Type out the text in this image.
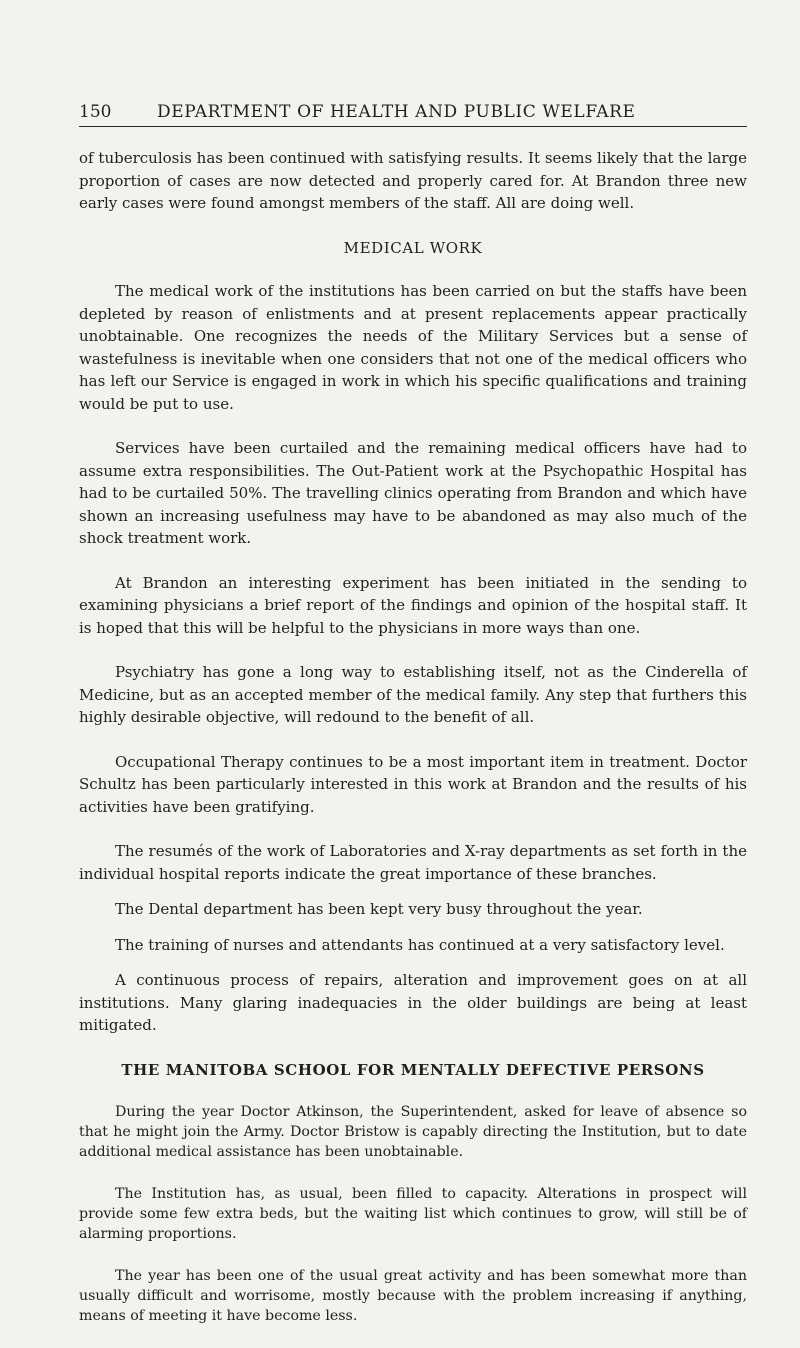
150	DEPARTMENT OF HEALTH AND PUBLIC WELFARE

of tuberculosis has been continued with satisfying results. It seems likely that the large proportion of cases are now detected and properly cared for. At Brandon three new early cases were found amongst members of the staff. All are doing well.

MEDICAL WORK

The medical work of the institutions has been carried on but the staffs have been depleted by reason of enlistments and at present replacements appear practically unobtainable. One recognizes the needs of the Military Services but a sense of wastefulness is inevitable when one considers that not one of the medical officers who has left our Service is engaged in work in which his specific qualifications and training would be put to use.

Services have been curtailed and the remaining medical officers have had to assume extra responsibilities. The Out-Patient work at the Psychopathic Hospital has had to be curtailed 50%. The travelling clinics operating from Brandon and which have shown an increasing usefulness may have to be abandoned as may also much of the shock treatment work.

At Brandon an interesting experiment has been initiated in the sending to examining physicians a brief report of the findings and opinion of the hospital staff. It is hoped that this will be helpful to the physicians in more ways than one.

Psychiatry has gone a long way to establishing itself, not as the Cinderella of Medicine, but as an accepted member of the medical family. Any step that furthers this highly desirable objective, will redound to the benefit of all.

Occupational Therapy continues to be a most important item in treatment. Doctor Schultz has been particularly interested in this work at Brandon and the results of his activities have been gratifying.

The resumés of the work of Laboratories and X-ray departments as set forth in the individual hospital reports indicate the great importance of these branches.

The Dental department has been kept very busy throughout the year.

The training of nurses and attendants has continued at a very satisfactory level.

A continuous process of repairs, alteration and improvement goes on at all institutions. Many glaring inadequacies in the older buildings are being at least mitigated.

THE MANITOBA SCHOOL FOR MENTALLY DEFECTIVE PERSONS

During the year Doctor Atkinson, the Superintendent, asked for leave of absence so that he might join the Army. Doctor Bristow is capably directing the Institution, but to date additional medical assistance has been unobtainable.

The Institution has, as usual, been filled to capacity. Alterations in prospect will provide some few extra beds, but the waiting list which continues to grow, will still be of alarming proportions.

The year has been one of the usual great activity and has been somewhat more than usually difficult and worrisome, mostly because with the problem increasing if anything, means of meeting it have become less.
